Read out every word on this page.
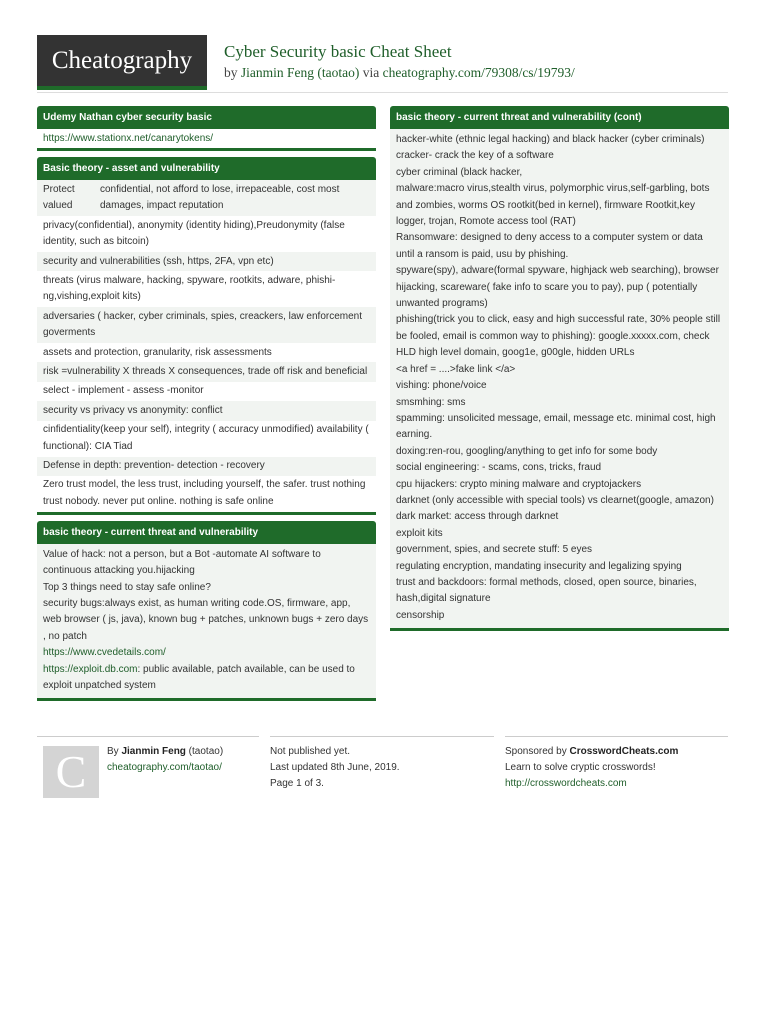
Cheatography Cyber Security basic Cheat Sheet
by Jianmin Feng (taotao) via cheatography.com/79308/cs/19793/
Udemy Nathan cyber security basic
https://www.stationx.net/canarytokens/
Basic theory - asset and vulnerability
Protect valued
confidential, not afford to lose, irrepaceable, cost most damages, impact reputation
privacy(confidential), anonymity (identity hiding),Preudonymity (false identity, such as bitcoin)
security and vulnerabilities (ssh, https, 2FA, vpn etc)
threats (virus malware, hacking, spyware, rootkits, adware, phishing,vishing,exploit kits)
adversaries ( hacker, cyber criminals, spies, creackers, law enforcement goverments
assets and protection, granularity, risk assessments
risk =vulnerability X threads X consequences, trade off risk and beneficial
select - implement - assess -monitor
security vs privacy vs anonymity: conflict
cinfidentiality(keep your self), integrity ( accuracy unmodified) availability ( functional): CIA Tiad
Defense in depth: prevention- detection - recovery
Zero trust model, the less trust, including yourself, the safer. trust nothing trust nobody. never put online. nothing is safe online
basic theory - current threat and vulnerability
Value of hack: not a person, but a Bot -automate AI software to continuous attacking you.hijacking
Top 3 things need to stay safe online?
security bugs:always exist, as human writing code.OS, firmware, app, web browser ( js, java), known bug + patches, unknown bugs + zero days , no patch
https://www.cvedetails.com/
https://exploit.db.com: public available, patch available, can be used to exploit unpatched system
basic theory - current threat and vulnerability (cont)
hacker-white (ethnic legal hacking) and black hacker (cyber criminals)
cracker- crack the key of a software
cyber criminal (black hacker,
malware:macro virus,stealth virus, polymorphic virus,self-garbling, bots and zombies, worms OS rootkit(bed in kernel), firmware Rootkit,key logger, trojan, Romote access tool (RAT)
Ransomware: designed to deny access to a computer system or data until a ransom is paid, usu by phishing.
spyware(spy), adware(formal spyware, highjack web searching), browser hijacking, scareware( fake info to scare you to pay), pup ( potentially unwanted programs)
phishing(trick you to click, easy and high successful rate, 30% people still be fooled, email is common way to phishing): google.xxxxx.com, check HLD high level domain, goog1e, g00gle, hidden URLs
<a href = ....>fake link </a>
vishing: phone/voice
smsmhing: sms
spamming: unsolicited message, email, message etc. minimal cost, high earning.
doxing:ren-rou, googling/anything to get info for some body
social engineering: - scams, cons, tricks, fraud
cpu hijackers: crypto mining malware and cryptojackers
darknet (only accessible with special tools) vs clearnet(google, amazon)
dark market: access through darknet
exploit kits
government, spies, and secrete stuff: 5 eyes
regulating encryption, mandating insecurity and legalizing spying
trust and backdoors: formal methods, closed, open source, binaries, hash,digital signature
censorship
C	By Jianmin Feng (taotao)
cheatography.com/taotao/
Not published yet.
Last updated 8th June, 2019.
Page 1 of 3.
Sponsored by CrosswordCheats.com
Learn to solve cryptic crosswords!
http://crosswordcheats.com
